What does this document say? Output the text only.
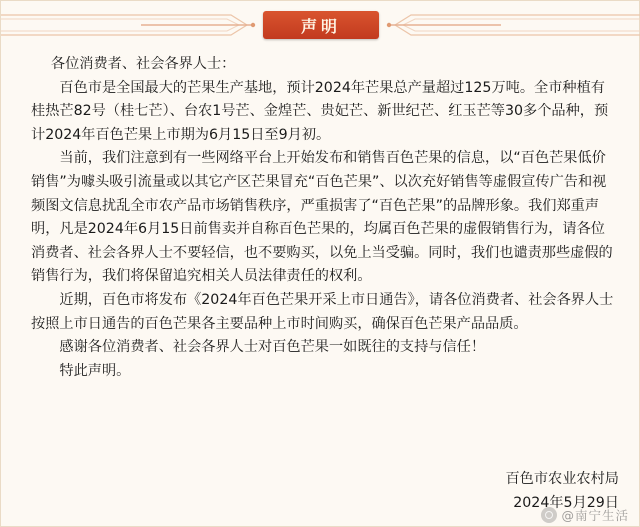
声明

各位消费者、社会各界人士：

百色市是全国最大的芒果生产基地，预计2024年芒果总产量超过125万吨。全市种植有桂热芒82号（桂七芒）、台农1号芒、金煌芒、贵妃芒、新世纪芒、红玉芒等30多个品种，预计2024年百色芒果上市期为6月15日至9月初。

当前，我们注意到有一些网络平台上开始发布和销售百色芒果的信息，以“百色芒果低价销售”为噱头吸引流量或以其它产区芒果冒充“百色芒果”、以次充好销售等虚假宣传广告和视频图文信息扰乱全市农产品市场销售秩序，严重损害了“百色芒果”的品牌形象。我们郑重声明，凡是2024年6月15日前售卖并自称百色芒果的，均属百色芒果的虚假销售行为，请各位消费者、社会各界人士不要轻信，也不要购买，以免上当受骗。同时，我们也谴责那些虚假的销售行为，我们将保留追究相关人员法律责任的权利。

近期，百色市将发布《2024年百色芒果开采上市日通告》，请各位消费者、社会各界人士按照上市日通告的百色芒果各主要品种上市时间购买，确保百色芒果产品品质。

感谢各位消费者、社会各界人士对百色芒果一如既往的支持与信任！

特此声明。

百色市农业农村局
2024年5月29日
@南宁生活
